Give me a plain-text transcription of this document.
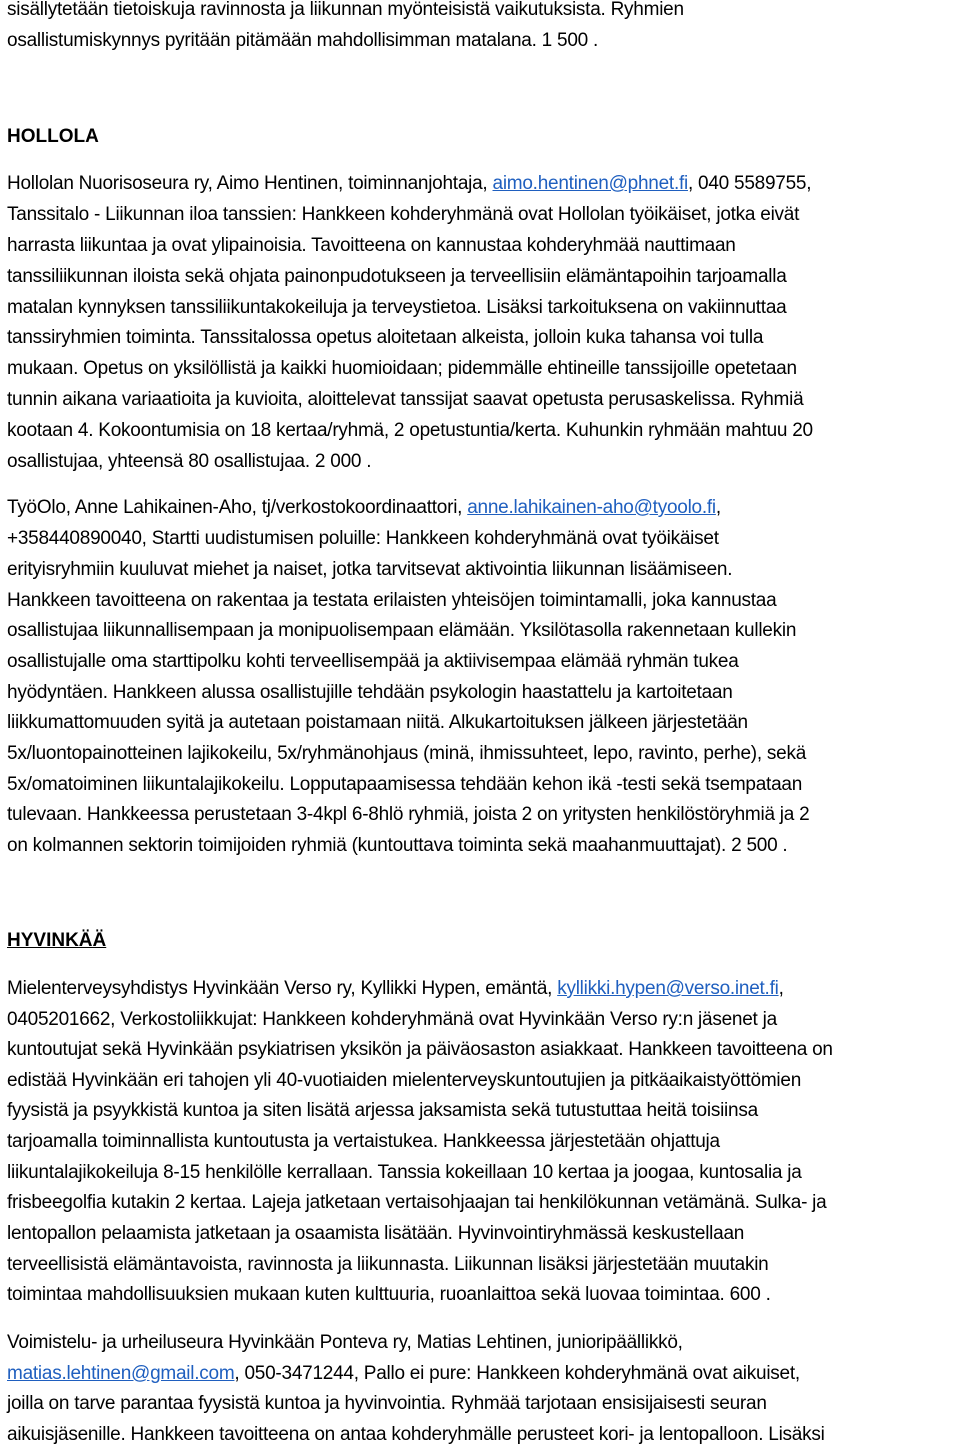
sisällytetään tietoiskuja ravinnosta ja liikunnan myönteisistä vaikutuksista. Ryhmien
osallistumiskynnys pyritään pitämään mahdollisimman matalana. 1 500 .
HOLLOLA
Hollolan Nuorisoseura ry, Aimo Hentinen, toiminnanjohtaja, aimo.hentinen@phnet.fi, 040 5589755,
Tanssitalo - Liikunnan iloa tanssien: Hankkeen kohderyhmänä ovat Hollolan työikäiset, jotka eivät
harrasta liikuntaa ja ovat ylipainoisia. Tavoitteena on kannustaa kohderyhmää nauttimaan
tanssiliikunnan iloista sekä ohjata painonpudotukseen ja terveellisiin elämäntapoihin tarjoamalla
matalan kynnyksen tanssiliikuntakokeiluja ja terveystietoa. Lisäksi tarkoituksena on vakiinnuttaa
tanssiryhmien toiminta. Tanssitalossa opetus aloitetaan alkeista, jolloin kuka tahansa voi tulla
mukaan. Opetus on yksilöllistä ja kaikki huomioidaan; pidemmälle ehtineille tanssijoille opetetaan
tunnin aikana variaatioita ja kuvioita, aloittelevat tanssijat saavat opetusta perusaskelissa. Ryhmiä
kootaan 4. Kokoontumisia on 18 kertaa/ryhmä, 2 opetustuntia/kerta. Kuhunkin ryhmään mahtuu 20
osallistujaa, yhteensä 80 osallistujaa. 2 000 .
TyöOlo, Anne Lahikainen-Aho, tj/verkostokoordinaattori, anne.lahikainen-aho@tyoolo.fi,
+358440890040, Startti uudistumisen poluille: Hankkeen kohderyhmänä ovat työikäiset
erityisryhmiin kuuluvat miehet ja naiset, jotka tarvitsevat aktivointia liikunnan lisäämiseen.
Hankkeen tavoitteena on rakentaa ja testata erilaisten yhteisöjen toimintamalli, joka kannustaa
osallistujaa liikunnallisempaan ja monipuolisempaan elämään. Yksilötasolla rakennetaan kullekin
osallistujalle oma starttipolku kohti terveellisempää ja aktiivisempaa elämää ryhmän tukea
hyödyntäen. Hankkeen alussa osallistujille tehdään psykologin haastattelu ja kartoitetaan
liikkumattomuuden syitä ja autetaan poistamaan niitä. Alkukartoituksen jälkeen järjestetään
5x/luontopainotteinen lajikokeilu, 5x/ryhmänohjaus (minä, ihmissuhteet, lepo, ravinto, perhe), sekä
5x/omatoiminen liikuntalajikokeilu. Lopputapaamisessa tehdään kehon ikä -testi sekä tsempataan
tulevaan. Hankkeessa perustetaan 3-4kpl 6-8hlö ryhmiä, joista 2 on yritysten henkilöstöryhmiä ja 2
on kolmannen sektorin toimijoiden ryhmiä (kuntouttava toiminta sekä maahanmuuttajat). 2 500 .
HYVINKÄÄ
Mielenterveysyhdistys Hyvinkään Verso ry, Kyllikki Hypen, emäntä, kyllikki.hypen@verso.inet.fi,
0405201662, Verkostoliikkujat: Hankkeen kohderyhmänä ovat Hyvinkään Verso ry:n jäsenet ja
kuntoutujat sekä Hyvinkään psykiatrisen yksikön ja päiväosaston asiakkaat. Hankkeen tavoitteena on
edistää Hyvinkään eri tahojen yli 40-vuotiaiden mielenterveyskuntoutujien ja pitkäaikaistyöttömien
fyysistä ja psyykkistä kuntoa ja siten lisätä arjessa jaksamista sekä tutustuttaa heitä toisiinsa
tarjoamalla toiminnallista kuntoutusta ja vertaistukea. Hankkeessa järjestetään ohjattuja
liikuntalajikokeiluja 8-15 henkilölle kerrallaan. Tanssia kokeillaan 10 kertaa ja joogaa, kuntosalia ja
frisbeegolfia kutakin 2 kertaa. Lajeja jatketaan vertaisohjaajan tai henkilökunnan vetämänä. Sulka- ja
lentopallon pelaamista jatketaan ja osaamista lisätään. Hyvinvointiryhmässä keskustellaan
terveellisistä elämäntavoista, ravinnosta ja liikunnasta. Liikunnan lisäksi järjestetään muutakin
toimintaa mahdollisuuksien mukaan kuten kulttuuria, ruoanlaittoa sekä luovaa toimintaa. 600 .
Voimistelu- ja urheiluseura Hyvinkään Ponteva ry, Matias Lehtinen, junioripäällikkö,
matias.lehtinen@gmail.com, 050-3471244, Pallo ei pure: Hankkeen kohderyhmänä ovat aikuiset,
joilla on tarve parantaa fyysistä kuntoa ja hyvinvointia. Ryhmää tarjotaan ensisijaisesti seuran
aikuisjäsenille. Hankkeen tavoitteena on antaa kohderyhmälle perusteet kori- ja lentopalloon. Lisäksi
